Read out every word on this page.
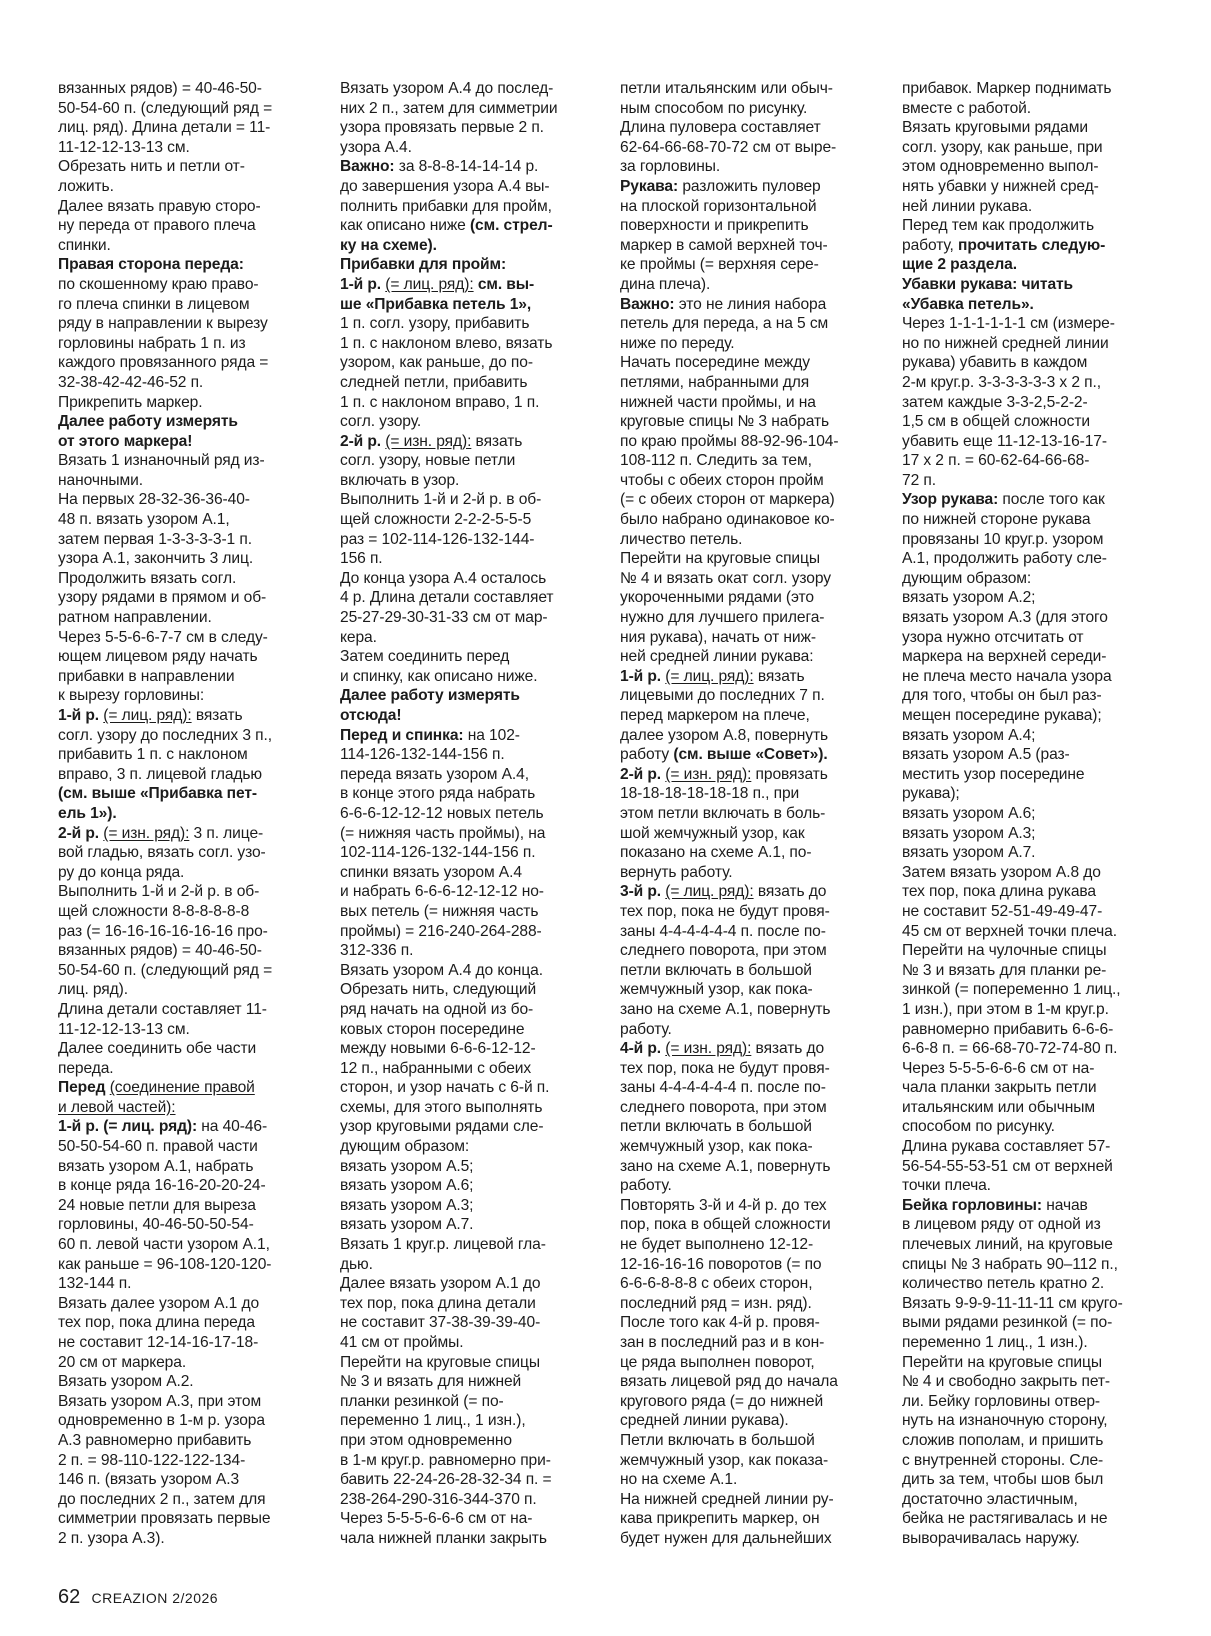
вязанных рядов) = 40-46-50-
50-54-60 п. (следующий ряд =
лиц. ряд). Длина детали = 11-
11-12-12-13-13 см.
Обрезать нить и петли от-
ложить.
Далее вязать правую сторо-
ну переда от правого плеча
спинки.
Правая сторона переда:
по скошенному краю право-
го плеча спинки в лицевом
ряду в направлении к вырезу
горловины набрать 1 п. из
каждого провязанного ряда =
32-38-42-42-46-52 п.
Прикрепить маркер.
Далее работу измерять
от этого маркера!
Вязать 1 изнаночный ряд из-
наночными.
На первых 28-32-36-36-40-
48 п. вязать узором А.1,
затем первая 1-3-3-3-3-1 п.
узора А.1, закончить 3 лиц.
Продолжить вязать согл.
узору рядами в прямом и об-
ратном направлении.
Через 5-5-6-6-7-7 см в следу-
ющем лицевом ряду начать
прибавки в направлении
к вырезу горловины:
1-й р. (= лиц. ряд): вязать
согл. узору до последних 3 п.,
прибавить 1 п. с наклоном
вправо, 3 п. лицевой гладью
(см. выше «Прибавка пет-
ель 1»).
2-й р. (= изн. ряд): 3 п. лице-
вой гладью, вязать согл. узо-
ру до конца ряда.
Выполнить 1-й и 2-й р. в об-
щей сложности 8-8-8-8-8-8
раз (= 16-16-16-16-16-16 про-
вязанных рядов) = 40-46-50-
50-54-60 п. (следующий ряд =
лиц. ряд).
Длина детали составляет 11-
11-12-12-13-13 см.
Далее соединить обе части
переда.
Перед (соединение правой
и левой частей):
1-й р. (= лиц. ряд): на 40-46-
50-50-54-60 п. правой части
вязать узором А.1, набрать
в конце ряда 16-16-20-20-24-
24 новые петли для выреза
горловины, 40-46-50-50-54-
60 п. левой части узором А.1,
как раньше = 96-108-120-120-
132-144 п.
Вязать далее узором А.1 до
тех пор, пока длина переда
не составит 12-14-16-17-18-
20 см от маркера.
Вязать узором А.2.
Вязать узором А.3, при этом
одновременно в 1-м р. узора
А.3 равномерно прибавить
2 п. = 98-110-122-122-134-
146 п. (вязать узором А.3
до последних 2 п., затем для
симметрии провязать первые
2 п. узора А.3).
Вязать узором А.4 до послед-
них 2 п., затем для симметрии
узора провязать первые 2 п.
узора А.4.
Важно: за 8-8-8-14-14-14 р.
до завершения узора А.4 вы-
полнить прибавки для пройм,
как описано ниже (см. стрел-
ку на схеме).
Прибавки для пройм:
1-й р. (= лиц. ряд): см. вы-
ше «Прибавка петель 1»,
1 п. согл. узору, прибавить
1 п. с наклоном влево, вязать
узором, как раньше, до по-
следней петли, прибавить
1 п. с наклоном вправо, 1 п.
согл. узору.
2-й р. (= изн. ряд): вязать
согл. узору, новые петли
включать в узор.
Выполнить 1-й и 2-й р. в об-
щей сложности 2-2-2-5-5-5
раз = 102-114-126-132-144-
156 п.
До конца узора А.4 осталось
4 р. Длина детали составляет
25-27-29-30-31-33 см от мар-
кера.
Затем соединить перед
и спинку, как описано ниже.
Далее работу измерять
отсюда!
Перед и спинка: на 102-
114-126-132-144-156 п.
переда вязать узором А.4,
в конце этого ряда набрать
6-6-6-12-12-12 новых петель
(= нижняя часть проймы), на
102-114-126-132-144-156 п.
спинки вязать узором А.4
и набрать 6-6-6-12-12-12 но-
вых петель (= нижняя часть
проймы) = 216-240-264-288-
312-336 п.
Вязать узором А.4 до конца.
Обрезать нить, следующий
ряд начать на одной из бо-
ковых сторон посередине
между новыми 6-6-6-12-12-
12 п., набранными с обеих
сторон, и узор начать с 6-й п.
схемы, для этого выполнять
узор круговыми рядами сле-
дующим образом:
вязать узором А.5;
вязать узором А.6;
вязать узором А.3;
вязать узором А.7.
Вязать 1 круг.р. лицевой гла-
дью.
Далее вязать узором А.1 до
тех пор, пока длина детали
не составит 37-38-39-39-40-
41 см от проймы.
Перейти на круговые спицы
№ 3 и вязать для нижней
планки резинкой (= по-
переменно 1 лиц., 1 изн.),
при этом одновременно
в 1-м круг.р. равномерно при-
бавить 22-24-26-28-32-34 п. =
238-264-290-316-344-370 п.
Через 5-5-5-6-6-6 см от на-
чала нижней планки закрыть
петли итальянским или обыч-
ным способом по рисунку.
Длина пуловера составляет
62-64-66-68-70-72 см от выре-
за горловины.
Рукава: разложить пуловер
на плоской горизонтальной
поверхности и прикрепить
маркер в самой верхней точ-
ке проймы (= верхняя сере-
дина плеча).
Важно: это не линия набора
петель для переда, а на 5 см
ниже по переду.
Начать посередине между
петлями, набранными для
нижней части проймы, и на
круговые спицы № 3 набрать
по краю проймы 88-92-96-104-
108-112 п. Следить за тем,
чтобы с обеих сторон пройм
(= с обеих сторон от маркера)
было набрано одинаковое ко-
личество петель.
Перейти на круговые спицы
№ 4 и вязать окат согл. узору
укороченными рядами (это
нужно для лучшего прилега-
ния рукава), начать от ниж-
ней средней линии рукава:
1-й р. (= лиц. ряд): вязать
лицевыми до последних 7 п.
перед маркером на плече,
далее узором А.8, повернуть
работу (см. выше «Совет»).
2-й р. (= изн. ряд): провязать
18-18-18-18-18-18 п., при
этом петли включать в боль-
шой жемчужный узор, как
показано на схеме А.1, по-
вернуть работу.
3-й р. (= лиц. ряд): вязать до
тех пор, пока не будут провя-
заны 4-4-4-4-4-4 п. после по-
следнего поворота, при этом
петли включать в большой
жемчужный узор, как пока-
зано на схеме А.1, повернуть
работу.
4-й р. (= изн. ряд): вязать до
тех пор, пока не будут провя-
заны 4-4-4-4-4-4 п. после по-
следнего поворота, при этом
петли включать в большой
жемчужный узор, как пока-
зано на схеме А.1, повернуть
работу.
Повторять 3-й и 4-й р. до тех
пор, пока в общей сложности
не будет выполнено 12-12-
12-16-16-16 поворотов (= по
6-6-6-8-8-8 с обеих сторон,
последний ряд = изн. ряд).
После того как 4-й р. провя-
зан в последний раз и в кон-
це ряда выполнен поворот,
вязать лицевой ряд до начала
кругового ряда (= до нижней
средней линии рукава).
Петли включать в большой
жемчужный узор, как показа-
но на схеме А.1.
На нижней средней линии ру-
кава прикрепить маркер, он
будет нужен для дальнейших
прибавок. Маркер поднимать
вместе с работой.
Вязать круговыми рядами
согл. узору, как раньше, при
этом одновременно выпол-
нять убавки у нижней сред-
ней линии рукава.
Перед тем как продолжить
работу, прочитать следую-
щие 2 раздела.
Убавки рукава: читать
«Убавка петель».
Через 1-1-1-1-1-1 см (измере-
но по нижней средней линии
рукава) убавить в каждом
2-м круг.р. 3-3-3-3-3-3 x 2 п.,
затем каждые 3-3-2,5-2-2-
1,5 см в общей сложности
убавить еще 11-12-13-16-17-
17 x 2 п. = 60-62-64-66-68-
72 п.
Узор рукава: после того как
по нижней стороне рукава
провязаны 10 круг.р. узором
А.1, продолжить работу сле-
дующим образом:
вязать узором А.2;
вязать узором А.3 (для этого
узора нужно отсчитать от
маркера на верхней середи-
не плеча место начала узора
для того, чтобы он был раз-
мещен посередине рукава);
вязать узором А.4;
вязать узором А.5 (раз-
местить узор посередине
рукава);
вязать узором А.6;
вязать узором А.3;
вязать узором А.7.
Затем вязать узором А.8 до
тех пор, пока длина рукава
не составит 52-51-49-49-47-
45 см от верхней точки плеча.
Перейти на чулочные спицы
№ 3 и вязать для планки ре-
зинкой (= попеременно 1 лиц.,
1 изн.), при этом в 1-м круг.р.
равномерно прибавить 6-6-6-
6-6-8 п. = 66-68-70-72-74-80 п.
Через 5-5-5-6-6-6 см от на-
чала планки закрыть петли
итальянским или обычным
способом по рисунку.
Длина рукава составляет 57-
56-54-55-53-51 см от верхней
точки плеча.
Бейка горловины: начав
в лицевом ряду от одной из
плечевых линий, на круговые
спицы № 3 набрать 90–112 п.,
количество петель кратно 2.
Вязать 9-9-9-11-11-11 см круго-
выми рядами резинкой (= по-
переменно 1 лиц., 1 изн.).
Перейти на круговые спицы
№ 4 и свободно закрыть пет-
ли. Бейку горловины отвер-
нуть на изнаночную сторону,
сложив пополам, и пришить
с внутренней стороны. Сле-
дить за тем, чтобы шов был
достаточно эластичным,
бейка не растягивалась и не
выворачивалась наружу.
62 CREAZION 2/2026
